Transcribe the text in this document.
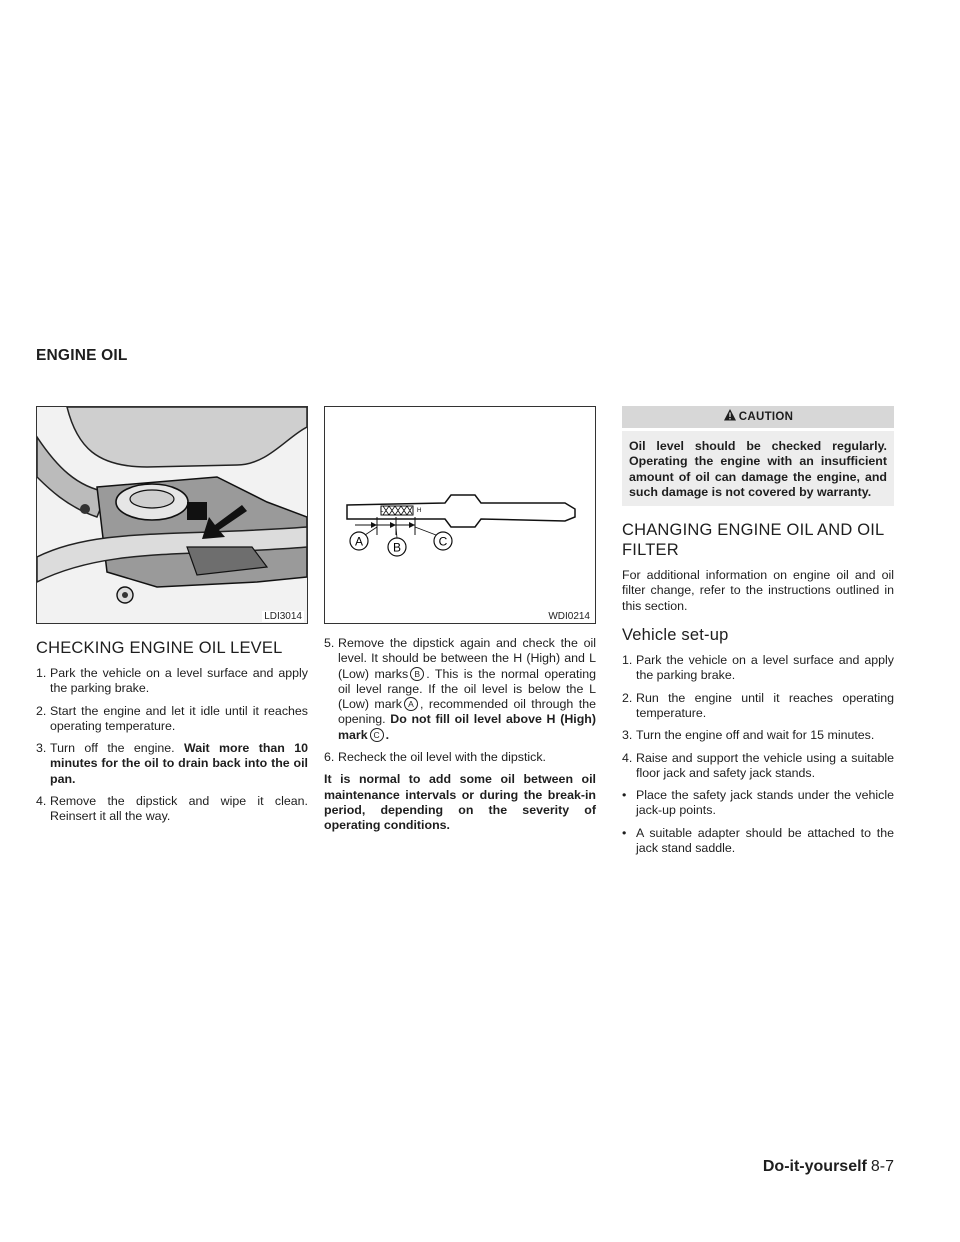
ENGINE OIL
LDI3014
CHECKING ENGINE OIL LEVEL
1. Park the vehicle on a level surface and apply the parking brake.
2. Start the engine and let it idle until it reaches operating temperature.
3. Turn off the engine. Wait more than 10 minutes for the oil to drain back into the oil pan.
4. Remove the dipstick and wipe it clean. Reinsert it all the way.
L	H
A B	C
WDI0214
5. Remove the dipstick again and check the oil level. It should be between the H (High) and L (Low) marks B . This is the normal operating oil level range. If the oil level is below the L (Low) mark A , recommended oil through the opening. Do not fill oil level above H (High) mark C .
6. Recheck the oil level with the dipstick.

It is normal to add some oil between oil maintenance intervals or during the break-in period, depending on the severity of operating conditions.

CAUTION
Oil level should be checked regularly. Operating the engine with an insufficient amount of oil can damage the engine, and such damage is not covered by warranty.
CHANGING ENGINE OIL AND OIL FILTER

For additional information on engine oil and oil filter change, refer to the instructions outlined in this section.

Vehicle set-up
1. Park the vehicle on a level surface and apply the parking brake.
2. Run the engine until it reaches operating temperature.
3. Turn the engine off and wait for 15 minutes.
4. Raise and support the vehicle using a suitable floor jack and safety jack stands.
• Place the safety jack stands under the vehicle jack-up points.
• A suitable adapter should be attached to the jack stand saddle.
Do-it-yourself 8-7
